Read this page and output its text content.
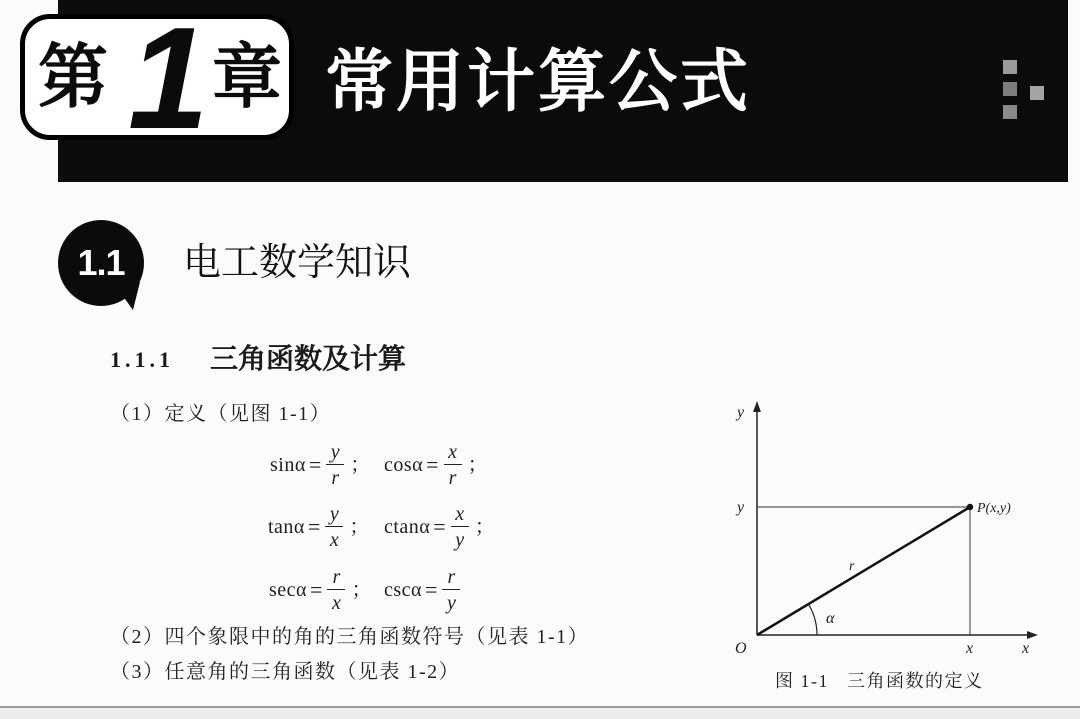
第 1 章 常用计算公式
1.1	电工数学知识
1.1.1 三角函数及计算
（1）定义（见图 1-1）
$\sin\alpha = \frac{y}{r}$ ； $\cos\alpha = \frac{x}{r}$ ；
$\tan\alpha = \frac{y}{x}$ ； $ctan\alpha = \frac{x}{y}$ ；
$\sec\alpha = \frac{r}{x}$ ； $\csc\alpha = \frac{r}{y}$
（2）四个象限中的角的三角函数符号（见表 1-1）
（3）任意角的三角函数（见表 1-2）
y
y
O	x	x
P(x,y)
r
α
图 1-1   三角函数的定义
